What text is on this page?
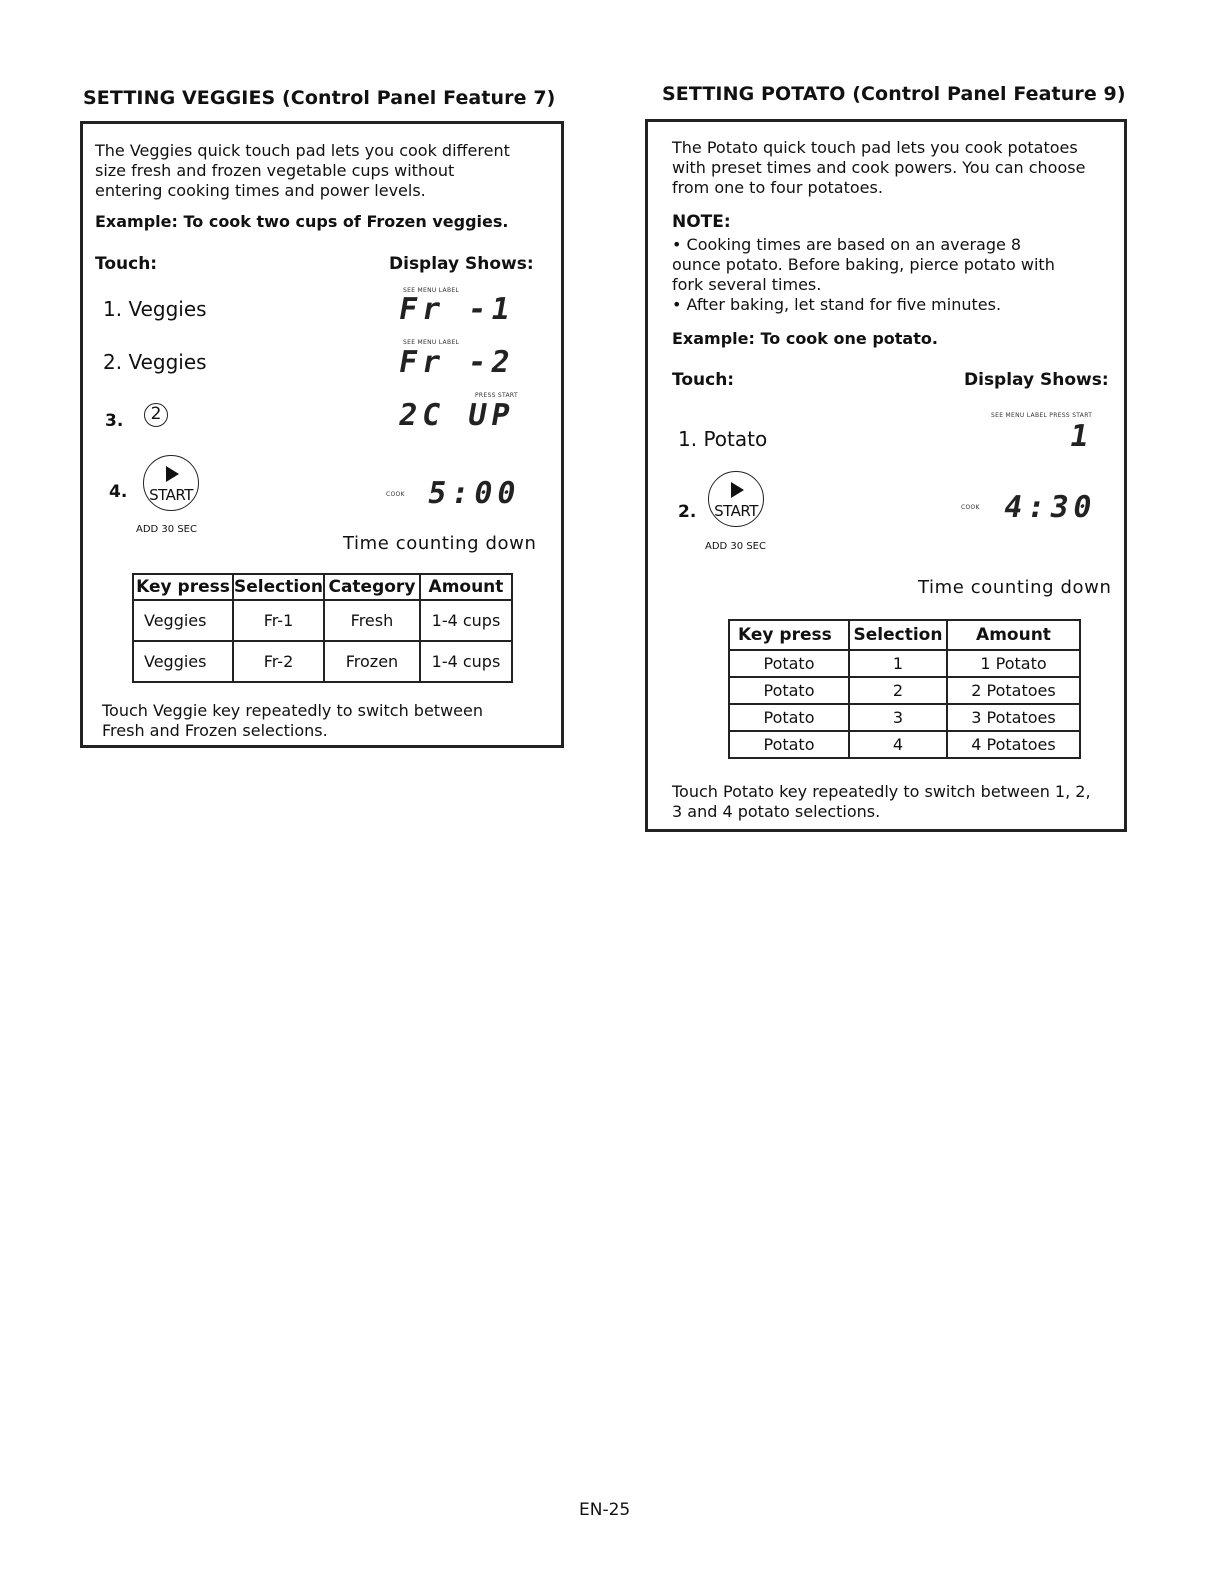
SETTING VEGGIES (Control Panel Feature 7)
The Veggies quick touch pad lets you cook different
size fresh and frozen vegetable cups without
entering cooking times and power levels.
Example: To cook two cups of Frozen veggies.
Touch:	Display Shows:
1. Veggies
SEE MENU LABEL
Fr -1
2. Veggies
SEE MENU LABEL
Fr -2
3.	2
PRESS START
2C UP
4.	START
ADD 30 SEC
COOK 5:00
Time counting down
Key press	Selection	Category	Amount
Veggies	Fr-1	Fresh	1-4 cups
Veggies	Fr-2	Frozen	1-4 cups
Touch Veggie key repeatedly to switch between
Fresh and Frozen selections.
SETTING POTATO (Control Panel Feature 9)
The Potato quick touch pad lets you cook potatoes
with preset times and cook powers. You can choose
from one to four potatoes.
NOTE:
• Cooking times are based on an average 8
ounce potato. Before baking, pierce potato with
fork several times.
• After baking, let stand for five minutes.
Example: To cook one potato.
Touch:	Display Shows:
1. Potato
SEE MENU LABEL PRESS START
1
2.	START
ADD 30 SEC
COOK 4:30
Time counting down
Key press	Selection	Amount
Potato	1	1 Potato
Potato	2	2 Potatoes
Potato	3	3 Potatoes
Potato	4	4 Potatoes
Touch Potato key repeatedly to switch between 1, 2,
3 and 4 potato selections.
EN-25
